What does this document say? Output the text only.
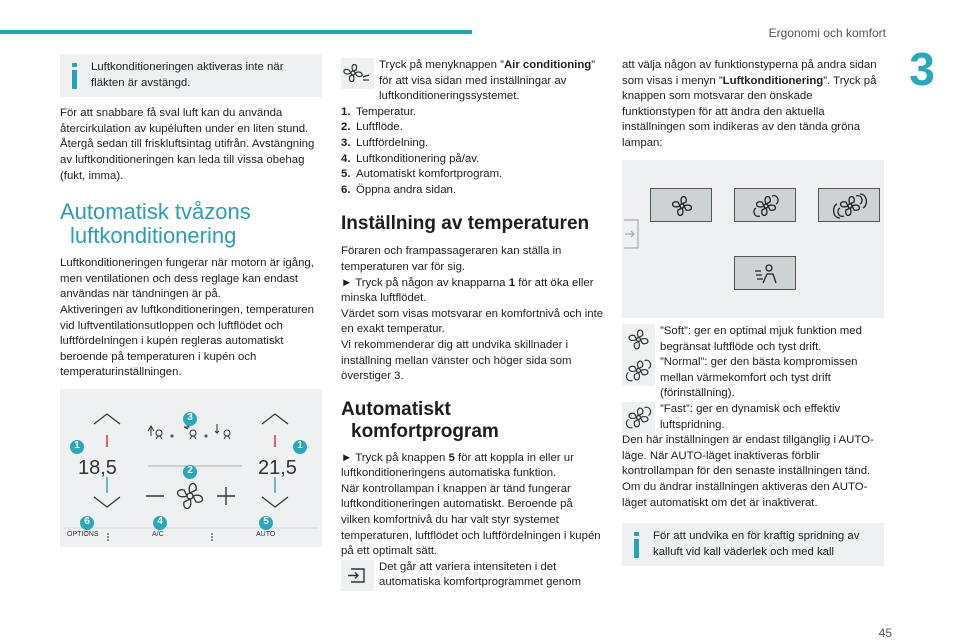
Ergonomi och komfort
3
Luftkonditioneringen aktiveras inte när fläkten är avstängd.

För att snabbare få sval luft kan du använda återcirkulation av kupéluften under en liten stund. Återgå sedan till friskluftsintag utifrån. Avstängning av luftkonditioneringen kan leda till vissa obehag (fukt, imma).

Automatisk tvåzons
luftkonditionering

Luftkonditioneringen fungerar när motorn är igång, men ventilationen och dess reglage kan endast användas när tändningen är på.

Aktiveringen av luftkonditioneringen, temperaturen vid luftventilationsutloppen och luftflödet och luftfördelningen i kupén regleras automatiskt beroende på temperaturen i kupén och temperaturinställningen.

18,5	21,5
OPTIONS	A/C	AUTO
1	1
2
3
4	5
6
Tryck på menyknappen ”Air conditioning” för att visa sidan med inställningar av luftkonditioneringssystemet.
1. Temperatur.
2. Luftflöde.
3. Luftfördelning.
4. Luftkonditionering på/av.
5. Automatiskt komfortprogram.
6. Öppna andra sidan.
Inställning av temperaturen

Föraren och frampassageraren kan ställa in temperaturen var för sig.

► Tryck på någon av knapparna 1 för att öka eller minska luftflödet.

Värdet som visas motsvarar en komfortnivå och inte en exakt temperatur.

Vi rekommenderar dig att undvika skillnader i inställning mellan vänster och höger sida som överstiger 3.

Automatiskt
komfortprogram

► Tryck på knappen 5 för att koppla in eller ur luftkonditioneringens automatiska funktion.

När kontrollampan i knappen är tänd fungerar luftkonditioneringen automatiskt. Beroende på vilken komfortnivå du har valt styr systemet temperaturen, luftflödet och luftfördelningen i kupén på ett optimalt sätt.

Det går att variera intensiteten i det automatiska komfortprogrammet genom

att välja någon av funktionstyperna på andra sidan som visas i menyn ”Luftkonditionering”. Tryck på knappen som motsvarar den önskade funktionstypen för att ändra den aktuella inställningen som indikeras av den tända gröna lampan:

”Soft”: ger en optimal mjuk funktion med begränsat luftflöde och tyst drift.
”Normal”: ger den bästa kompromissen mellan värmekomfort och tyst drift (förinställning).
”Fast”: ger en dynamisk och effektiv luftspridning.

Den här inställningen är endast tillgänglig i AUTO-läge. När AUTO-läget inaktiveras förblir kontrollampan för den senaste inställningen tänd.

Om du ändrar inställningen aktiveras den AUTO-läget automatiskt om det är inaktiverat.

För att undvika en för kraftig spridning av kalluft vid kall väderlek och med kall
45
